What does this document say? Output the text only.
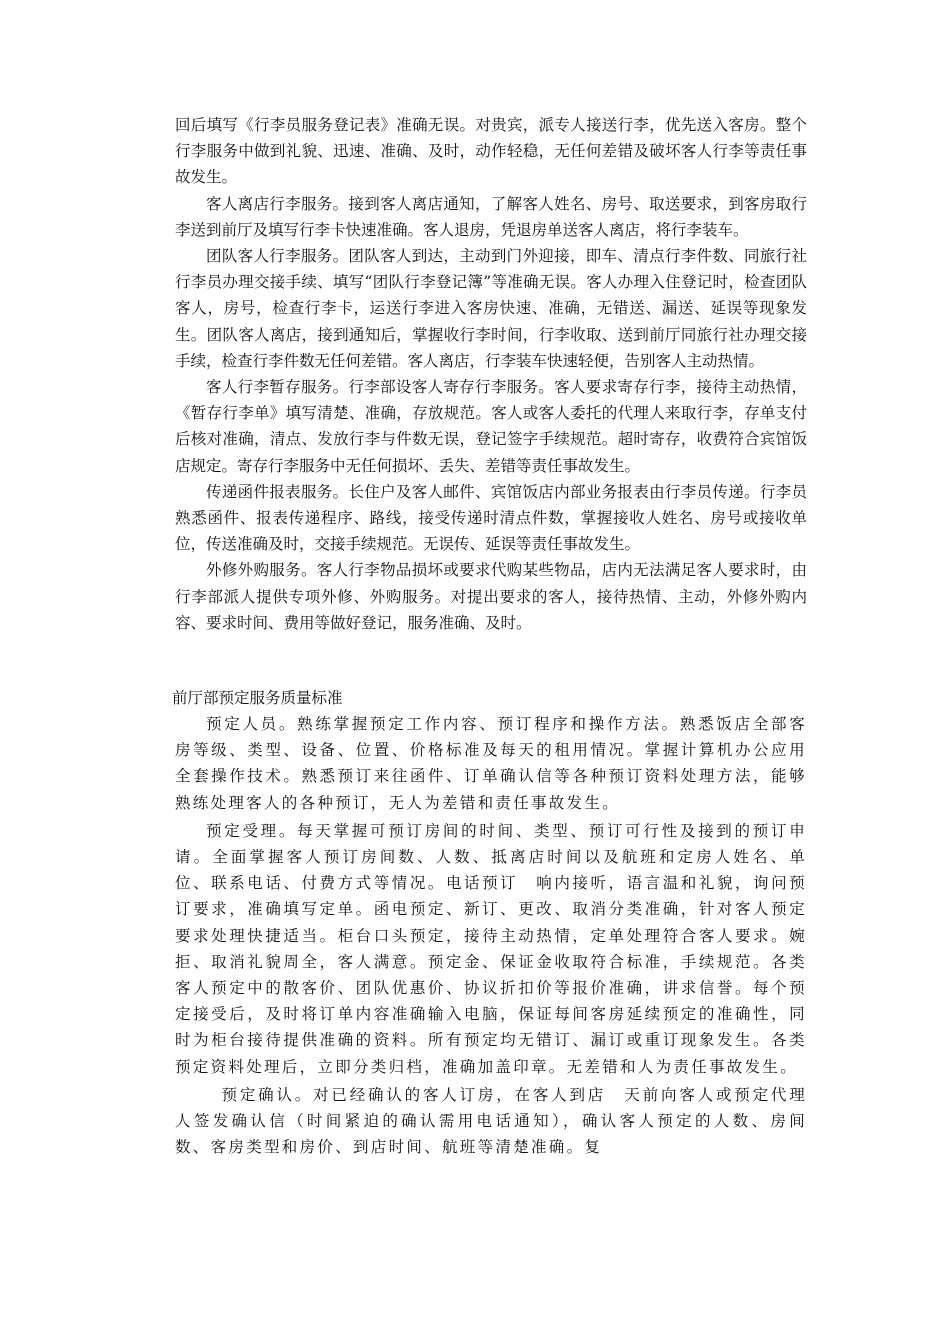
回后填写《行李员服务登记表》准确无误。对贵宾，派专人接送行李，优先送入客房。整个行李服务中做到礼貌、迅速、准确、及时，动作轻稳，无任何差错及破坏客人行李等责任事故发生。

客人离店行李服务。接到客人离店通知，了解客人姓名、房号、取送要求，到客房取行李送到前厅及填写行李卡快速准确。客人退房，凭退房单送客人离店，将行李装车。

团队客人行李服务。团队客人到达，主动到门外迎接，即车、清点行李件数、同旅行社行李员办理交接手续、填写“团队行李登记簿”等准确无误。客人办理入住登记时，检查团队客人，房号，检查行李卡，运送行李进入客房快速、准确，无错送、漏送、延误等现象发生。团队客人离店，接到通知后，掌握收行李时间，行李收取、送到前厅同旅行社办理交接手续，检查行李件数无任何差错。客人离店，行李装车快速轻便，告别客人主动热情。

客人行李暂存服务。行李部设客人寄存行李服务。客人要求寄存行李，接待主动热情，《暂存行李单》填写清楚、准确，存放规范。客人或客人委托的代理人来取行李，存单支付后核对准确，清点、发放行李与件数无误，登记签字手续规范。超时寄存，收费符合宾馆饭店规定。寄存行李服务中无任何损坏、丢失、差错等责任事故发生。

传递函件报表服务。长住户及客人邮件、宾馆饭店内部业务报表由行李员传递。行李员熟悉函件、报表传递程序、路线，接受传递时清点件数，掌握接收人姓名、房号或接收单位，传送准确及时，交接手续规范。无误传、延误等责任事故发生。

外修外购服务。客人行李物品损坏或要求代购某些物品，店内无法满足客人要求时，由行李部派人提供专项外修、外购服务。对提出要求的客人，接待热情、主动，外修外购内容、要求时间、费用等做好登记，服务准确、及时。

前厅部预定服务质量标准

预定人员。熟练掌握预定工作内容、预订程序和操作方法。熟悉饭店全部客房等级、类型、设备、位置、价格标准及每天的租用情况。掌握计算机办公应用全套操作技术。熟悉预订来往函件、订单确认信等各种预订资料处理方法，能够熟练处理客人的各种预订，无人为差错和责任事故发生。

预定受理。每天掌握可预订房间的时间、类型、预订可行性及接到的预订申请。全面掌握客人预订房间数、人数、抵离店时间以及航班和定房人姓名、单位、联系电话、付费方式等情况。电话预订　响内接听，语言温和礼貌，询问预订要求，准确填写定单。函电预定、新订、更改、取消分类准确，针对客人预定要求处理快捷适当。柜台口头预定，接待主动热情，定单处理符合客人要求。婉拒、取消礼貌周全，客人满意。预定金、保证金收取符合标准，手续规范。各类客人预定中的散客价、团队优惠价、协议折扣价等报价准确，讲求信誉。每个预定接受后，及时将订单内容准确输入电脑，保证每间客房延续预定的准确性，同时为柜台接待提供准确的资料。所有预定均无错订、漏订或重订现象发生。各类预定资料处理后，立即分类归档，准确加盖印章。无差错和人为责任事故发生。

预定确认。对已经确认的客人订房，在客人到店　天前向客人或预定代理人签发确认信（时间紧迫的确认需用电话通知），确认客人预定的人数、房间数、客房类型和房价、到店时间、航班等清楚准确。复
